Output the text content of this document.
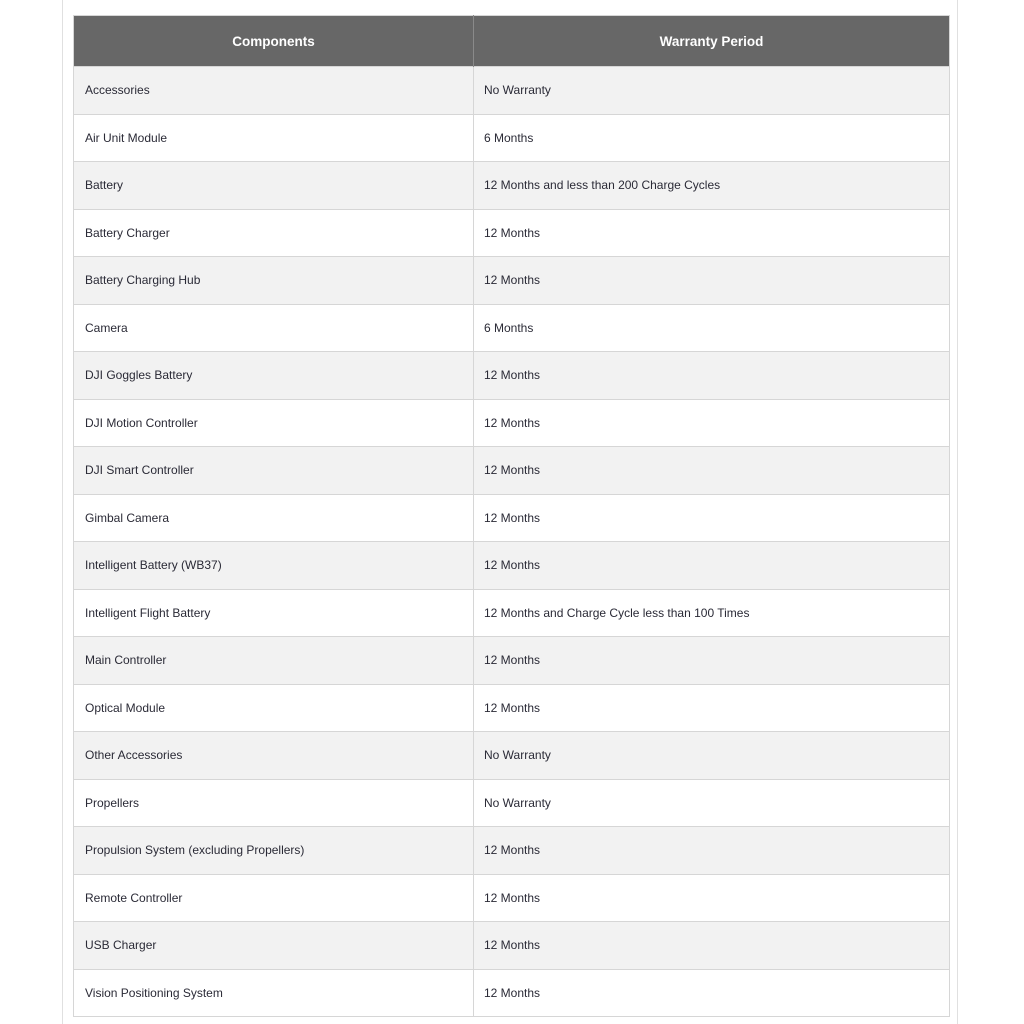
Components	Warranty Period
Accessories	No Warranty
Air Unit Module	6 Months
Battery	12 Months and less than 200 Charge Cycles
Battery Charger	12 Months
Battery Charging Hub	12 Months
Camera	6 Months
DJI Goggles Battery	12 Months
DJI Motion Controller	12 Months
DJI Smart Controller	12 Months
Gimbal Camera	12 Months
Intelligent Battery (WB37)	12 Months
Intelligent Flight Battery	12 Months and Charge Cycle less than 100 Times
Main Controller	12 Months
Optical Module	12 Months
Other Accessories	No Warranty
Propellers	No Warranty
Propulsion System (excluding Propellers)	12 Months
Remote Controller	12 Months
USB Charger	12 Months
Vision Positioning System	12 Months
